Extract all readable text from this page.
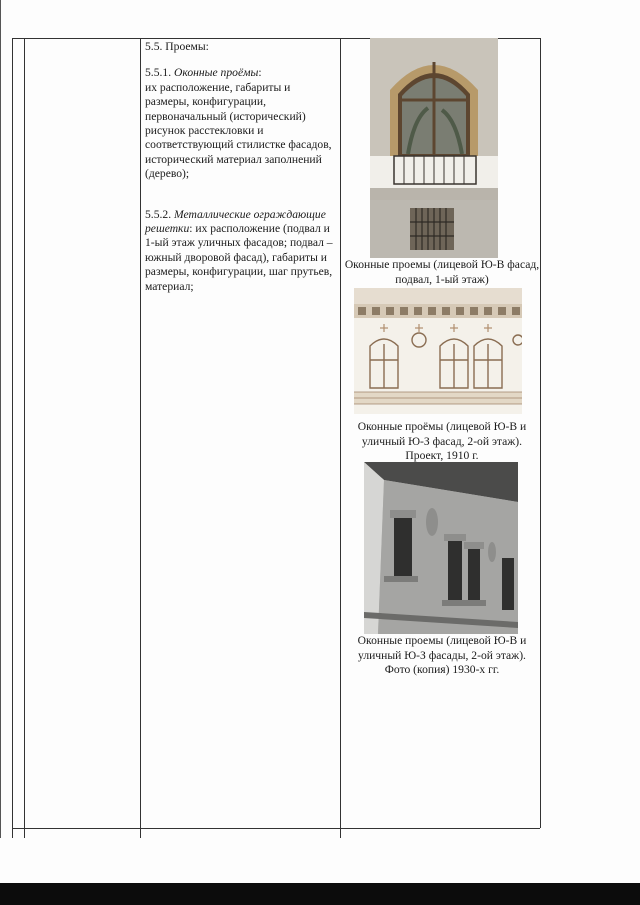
5.5. Проемы:

5.5.1. Оконные проёмы:
их расположение, габариты и размеры, конфигурации, первоначальный (исторический) рисунок расстекловки и соответствующий стилистке фасадов, исторический материал заполнений (дерево);

5.5.2. Металлические ограждающие решетки: их расположение (подвал и 1-ый этаж уличных фасадов; подвал – южный дворовой фасад), габариты и размеры, конфигурации, шаг прутьев, материал;

Оконные проемы (лицевой Ю-В фасад, подвал, 1-ый этаж)
Оконные проёмы (лицевой Ю-В и уличный Ю-З фасад, 2-ой этаж). Проект, 1910 г.
Оконные проемы (лицевой Ю-В и уличный Ю-З фасады, 2-ой этаж). Фото (копия) 1930-х гг.
